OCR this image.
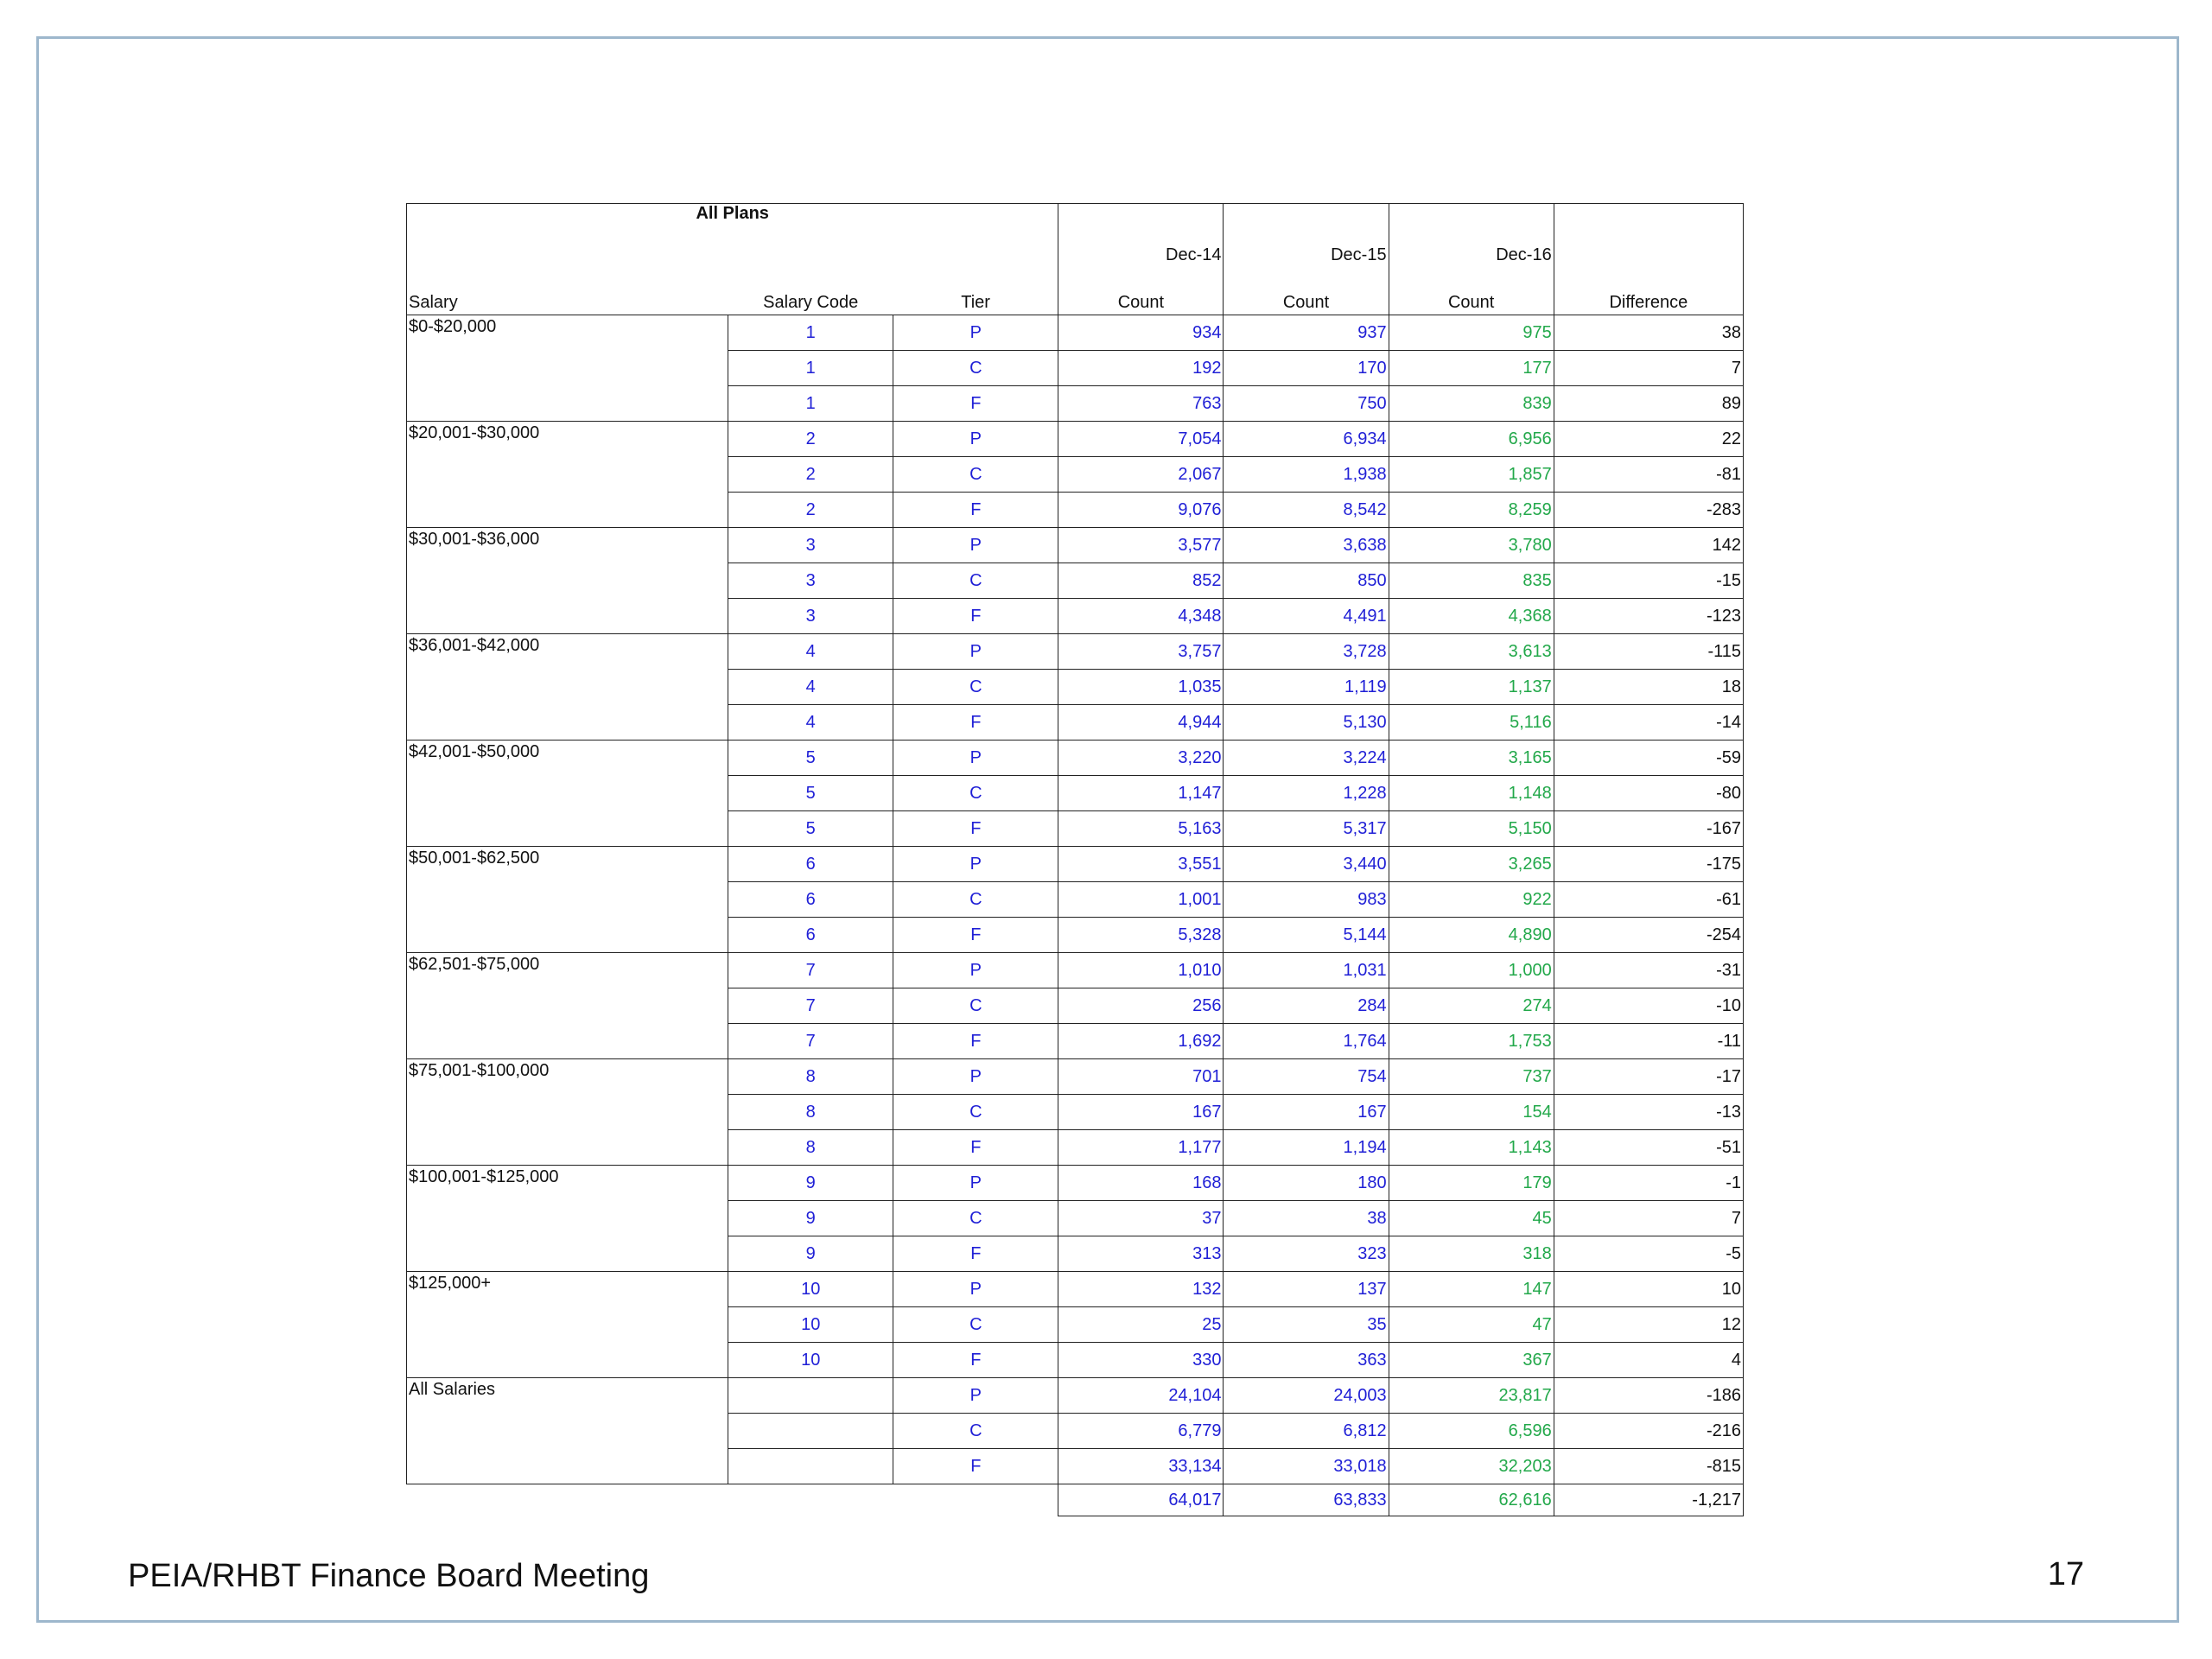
All Plans						
			Dec-14	Dec-15	Dec-16	
Salary	Salary Code	Tier	Count	Count	Count	Difference
$0-$20,000	1	P	934	937	975	38
	1	C	192	170	177	7
	1	F	763	750	839	89
$20,001-$30,000	2	P	7,054	6,934	6,956	22
	2	C	2,067	1,938	1,857	-81
	2	F	9,076	8,542	8,259	-283
$30,001-$36,000	3	P	3,577	3,638	3,780	142
	3	C	852	850	835	-15
	3	F	4,348	4,491	4,368	-123
$36,001-$42,000	4	P	3,757	3,728	3,613	-115
	4	C	1,035	1,119	1,137	18
	4	F	4,944	5,130	5,116	-14
$42,001-$50,000	5	P	3,220	3,224	3,165	-59
	5	C	1,147	1,228	1,148	-80
	5	F	5,163	5,317	5,150	-167
$50,001-$62,500	6	P	3,551	3,440	3,265	-175
	6	C	1,001	983	922	-61
	6	F	5,328	5,144	4,890	-254
$62,501-$75,000	7	P	1,010	1,031	1,000	-31
	7	C	256	284	274	-10
	7	F	1,692	1,764	1,753	-11
$75,001-$100,000	8	P	701	754	737	-17
	8	C	167	167	154	-13
	8	F	1,177	1,194	1,143	-51
$100,001-$125,000	9	P	168	180	179	-1
	9	C	37	38	45	7
	9	F	313	323	318	-5
$125,000+	10	P	132	137	147	10
	10	C	25	35	47	12
	10	F	330	363	367	4
All Salaries		P	24,104	24,003	23,817	-186
		C	6,779	6,812	6,596	-216
		F	33,134	33,018	32,203	-815
			64,017	63,833	62,616	-1,217
PEIA/RHBT Finance Board Meeting	17
